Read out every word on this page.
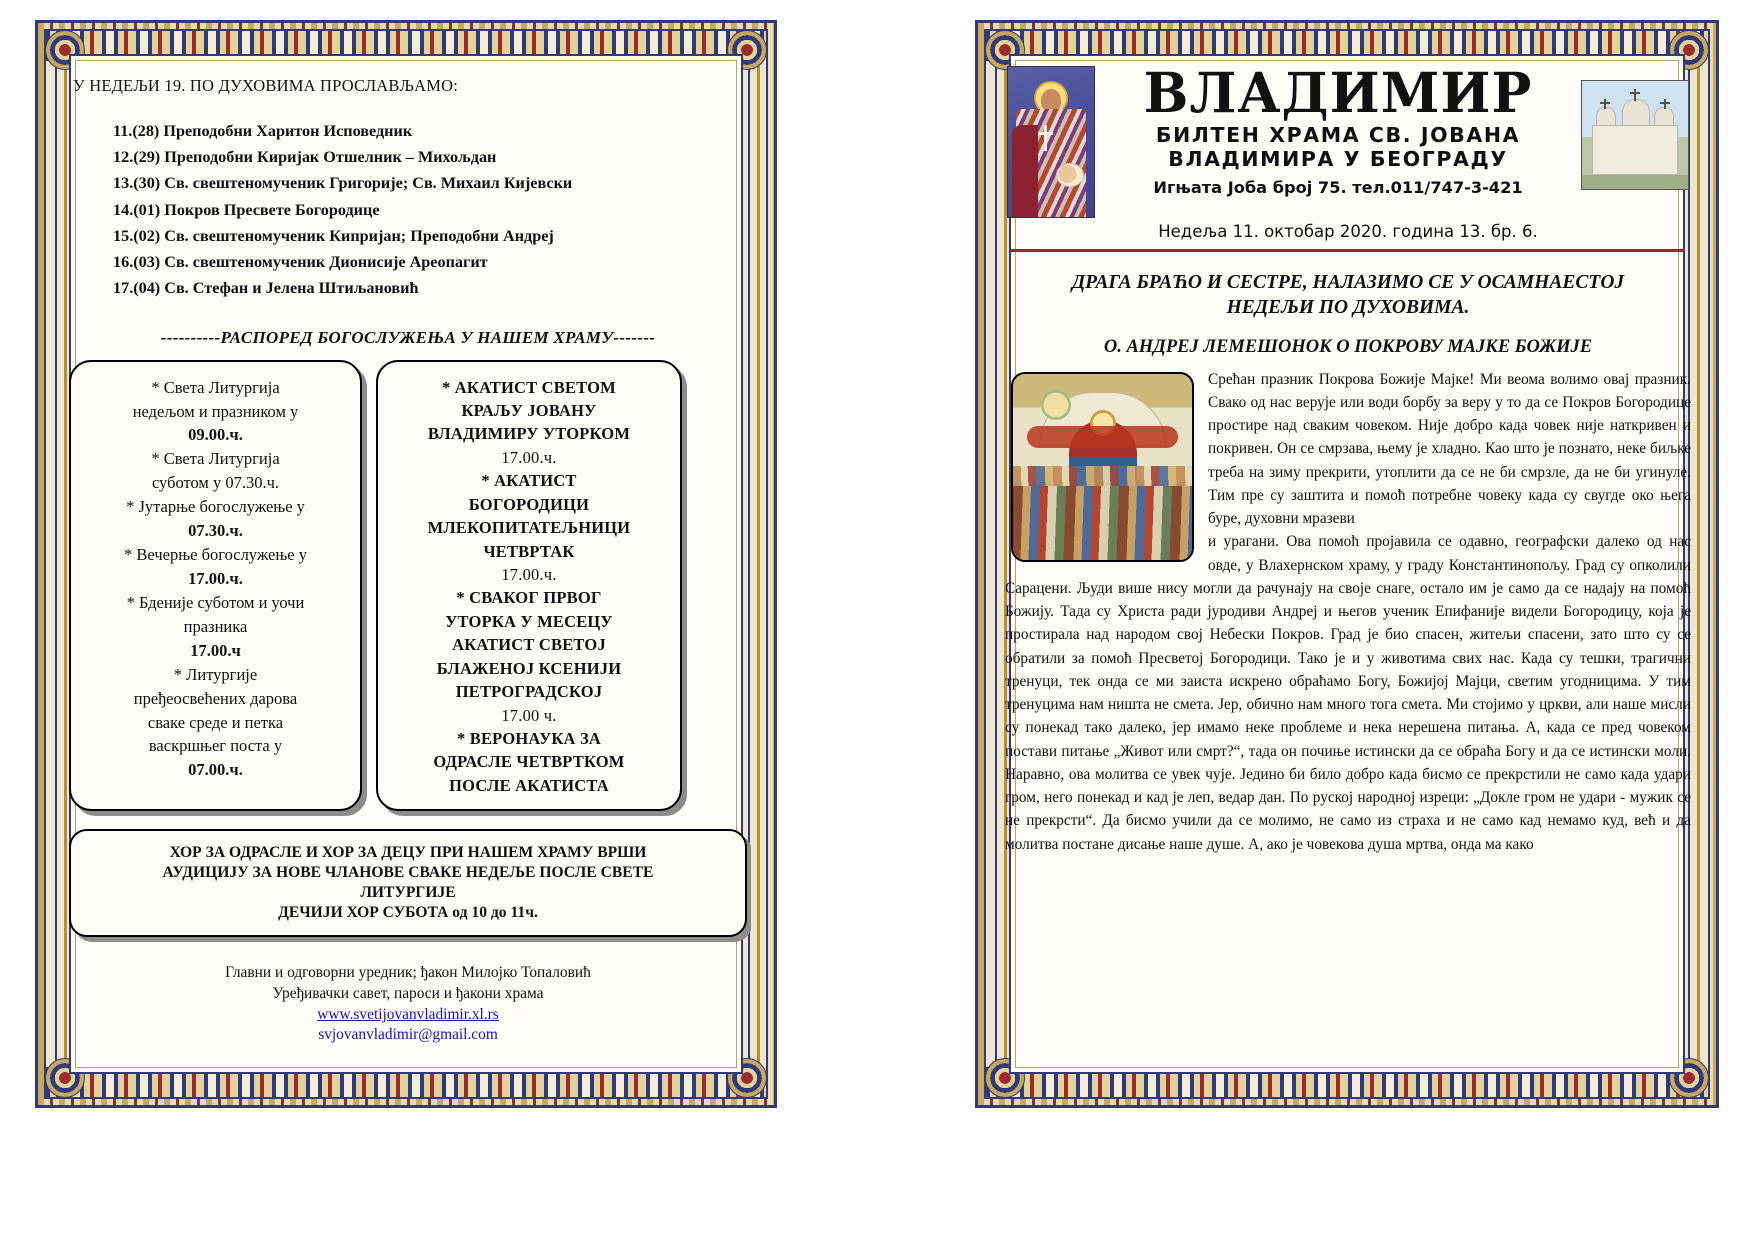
У НЕДЕЉИ 19. ПО ДУХОВИМА ПРОСЛАВЉАМО:
11.(28) Преподобни Харитон Исповедник
12.(29) Преподобни Киријак Отшелник – Михољдан
13.(30) Св. свештеномученик Григорије; Св. Михаил Кијевски
14.(01) Покров Пресвете Богородице
15.(02) Св. свештеномученик Кипријан; Преподобни Андреј
16.(03) Св. свештеномученик Дионисије Ареопагит
17.(04) Св. Стефан и Јелена Штиљановић
----------РАСПОРЕД БОГОСЛУЖЕЊА У НАШЕМ ХРАМУ-------

* Света Литургија

недељом и празником у

09.00.ч.

* Света Литургија

суботом у 07.30.ч.

* Јутарње богослужење у

07.30.ч.

* Вечерње богослужење у

17.00.ч.

* Бденије суботом и уочи

празника

17.00.ч

* Литургије

пређеосвећених дарова

сваке среде и петка

васкршњег поста у

07.00.ч.

* АКАТИСТ СВЕТОМ

КРАЉУ ЈОВАНУ

ВЛАДИМИРУ УТОРКОМ

17.00.ч.

* АКАТИСТ

БОГОРОДИЦИ

МЛЕКОПИТАТЕЉНИЦИ

ЧЕТВРТАК

17.00.ч.

* СВАКОГ ПРВОГ

УТОРКА У МЕСЕЦУ

АКАТИСТ СВЕТОЈ

БЛАЖЕНОЈ КСЕНИЈИ

ПЕТРОГРАДСКОЈ

17.00 ч.

* ВЕРОНАУКА ЗА

ОДРАСЛЕ ЧЕТВРТКОМ

ПОСЛЕ АКАТИСТА

ХОР ЗА ОДРАСЛЕ И ХОР ЗА ДЕЦУ ПРИ НАШЕМ ХРАМУ ВРШИ
АУДИЦИЈУ ЗА НОВЕ ЧЛАНОВЕ СВАКЕ НЕДЕЉЕ ПОСЛЕ СВЕТЕ
ЛИТУРГИЈЕ
ДЕЧИЈИ ХОР СУБОТА од 10 до 11ч.
Главни и одговорни уредник; ђакон Милојко Топаловић
Уређивачки савет, пароси и ђакони храма
www.svetijovanvladimir.xl.rs
svjovanvladimir@gmail.com
ВЛАДИМИР
БИЛТЕН ХРАМА СВ. ЈОВАНА
ВЛАДИМИРА У БЕОГРАДУ
Игњата Јоба број 75. тел.011/747-3-421
Недеља 11. октобар 2020. година 13. бр. 6.
ДРАГА БРАЋО И СЕСТРЕ, НАЛАЗИМО СЕ У ОСАМНАЕСТОЈ
НЕДЕЉИ ПО ДУХОВИМА.
О. АНДРЕЈ ЛЕМЕШОНОК О ПОКРОВУ МАЈКЕ БОЖИЈЕ

Срећан празник Покрова Божије Мајке! Ми веома волимо овај празник. Свако од нас верује или води борбу за веру у то да се Покров Богородице простире над сваким човеком. Није добро када човек није наткривен и покривен. Он се смрзава, њему је хладно. Као што је познато, неке биљке треба на зиму прекрити, утоплити да се не би смрзле, да не би угинуле. Тим пре су заштита и помоћ потребне човеку када су свугде око њега буре, духовни мразеви

и урагани. Ова помоћ пројавила се одавно, географски далеко од нас овде, у Влахернском храму, у граду Константинопољу. Град су опколили Сарацени. Људи више нису могли да рачунају на своје снаге, остало им је само да се надају на помоћ Божију. Тада су Христа ради јуродиви Андреј и његов ученик Епифаније видели Богородицу, која је простирала над народом свој Небески Покров. Град је био спасен, житељи спасени, зато што су се обратили за помоћ Пресветој Богородици. Тако је и у животима свих нас. Када су тешки, трагични тренуци, тек онда се ми заиста искрено обраћамо Богу, Божијој Мајци, светим угодницима. У тим тренуцима нам ништа не смета. Јер, обично нам много тога смета. Ми стојимо у цркви, али наше мисли су понекад тако далеко, јер имамо неке проблеме и нека нерешена питања. А, када се пред човеком постави питање „Живот или смрт?“, тада он почиње истински да се обраћа Богу и да се истински моли. Наравно, ова молитва се увек чује. Једино би било добро када бисмо се прекрстили не само када удари гром, него понекад и кад је леп, ведар дан. По руској народној изреци: „Докле гром не удари - мужик се не прекрсти“. Да бисмо учили да се молимо, не само из страха и не само кад немамо куд, већ и да молитва постане дисање наше душе. А, ако је човекова душа мртва, онда ма како
